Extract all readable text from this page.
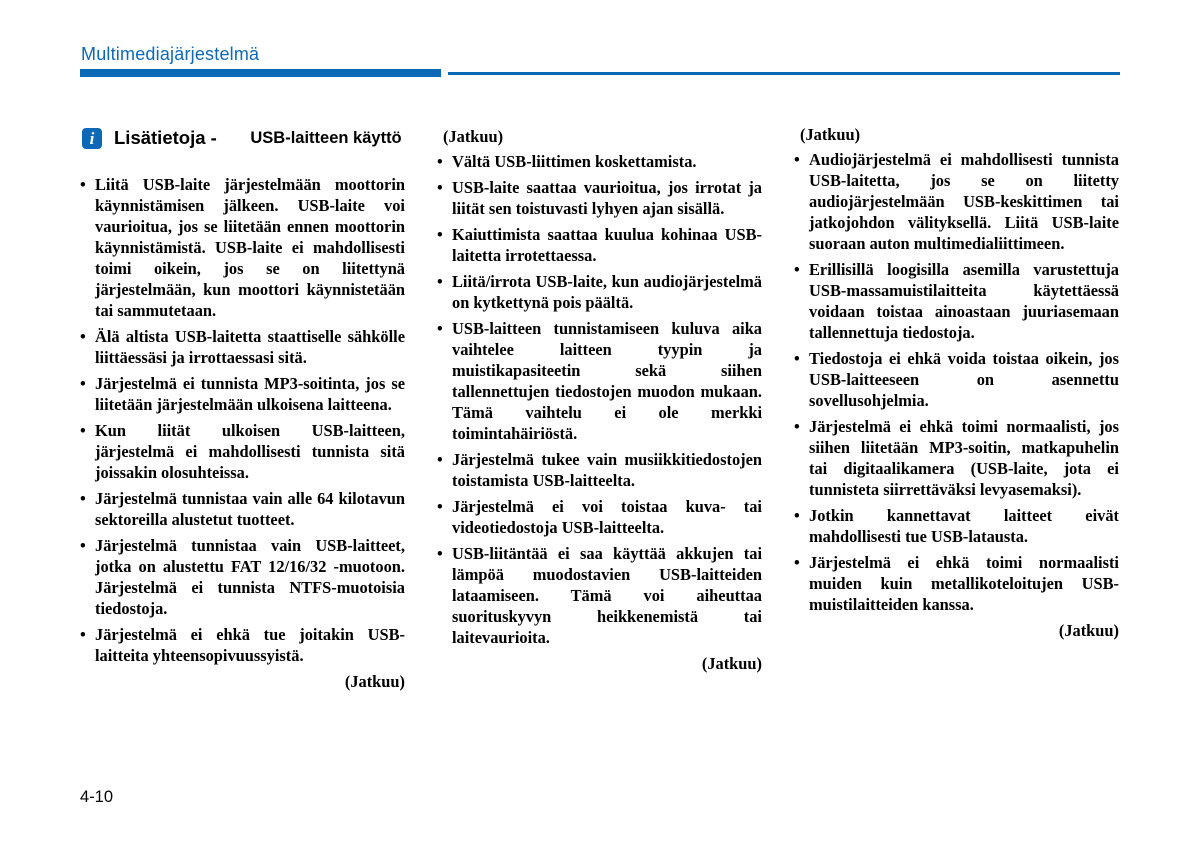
Multimediajärjestelmä
i	Lisätietoja - USB-laitteen käyttö
• Liitä USB-laite järjestelmään moottorin käynnistämisen jälkeen. USB-laite voi vaurioitua, jos se liitetään ennen moottorin käynnistämistä. USB-laite ei mahdollisesti toimi oikein, jos se on liitettynä järjestelmään, kun moottori käynnistetään tai sammutetaan.
• Älä altista USB-laitetta staattiselle sähkölle liittäessäsi ja irrottaessasi sitä.
• Järjestelmä ei tunnista MP3-soitinta, jos se liitetään järjestelmään ulkoisena laitteena.
• Kun liität ulkoisen USB-laitteen, järjestelmä ei mahdollisesti tunnista sitä joissakin olosuhteissa.
• Järjestelmä tunnistaa vain alle 64 kilotavun sektoreilla alustetut tuotteet.
• Järjestelmä tunnistaa vain USB-laitteet, jotka on alustettu FAT 12/16/32 -muotoon. Järjestelmä ei tunnista NTFS-muotoisia tiedostoja.
• Järjestelmä ei ehkä tue joitakin USB-laitteita yhteensopivuussyistä.
(Jatkuu)
(Jatkuu)
• Vältä USB-liittimen koskettamista.
• USB-laite saattaa vaurioitua, jos irrotat ja liität sen toistuvasti lyhyen ajan sisällä.
• Kaiuttimista saattaa kuulua kohinaa USB-laitetta irrotettaessa.
• Liitä/irrota USB-laite, kun audiojärjestelmä on kytkettynä pois päältä.
• USB-laitteen tunnistamiseen kuluva aika vaihtelee laitteen tyypin ja muistikapasiteetin sekä siihen tallennettujen tiedostojen muodon mukaan. Tämä vaihtelu ei ole merkki toimintahäiriöstä.
• Järjestelmä tukee vain musiikkitiedostojen toistamista USB-laitteelta.
• Järjestelmä ei voi toistaa kuva- tai videotiedostoja USB-laitteelta.
• USB-liitäntää ei saa käyttää akkujen tai lämpöä muodostavien USB-laitteiden lataamiseen. Tämä voi aiheuttaa suorituskyvyn heikkenemistä tai laitevaurioita.
(Jatkuu)
(Jatkuu)
• Audiojärjestelmä ei mahdollisesti tunnista USB-laitetta, jos se on liitetty audiojärjestelmään USB-keskittimen tai jatkojohdon välityksellä. Liitä USB-laite suoraan auton multimedialiittimeen.
• Erillisillä loogisilla asemilla varustettuja USB-massamuistilaitteita käytettäessä voidaan toistaa ainoastaan juuriasemaan tallennettuja tiedostoja.
• Tiedostoja ei ehkä voida toistaa oikein, jos USB-laitteeseen on asennettu sovellusohjelmia.
• Järjestelmä ei ehkä toimi normaalisti, jos siihen liitetään MP3-soitin, matkapuhelin tai digitaalikamera (USB-laite, jota ei tunnisteta siirrettäväksi levyasemaksi).
• Jotkin kannettavat laitteet eivät mahdollisesti tue USB-latausta.
• Järjestelmä ei ehkä toimi normaalisti muiden kuin metallikoteloitujen USB-muistilaitteiden kanssa.
(Jatkuu)
4-10
